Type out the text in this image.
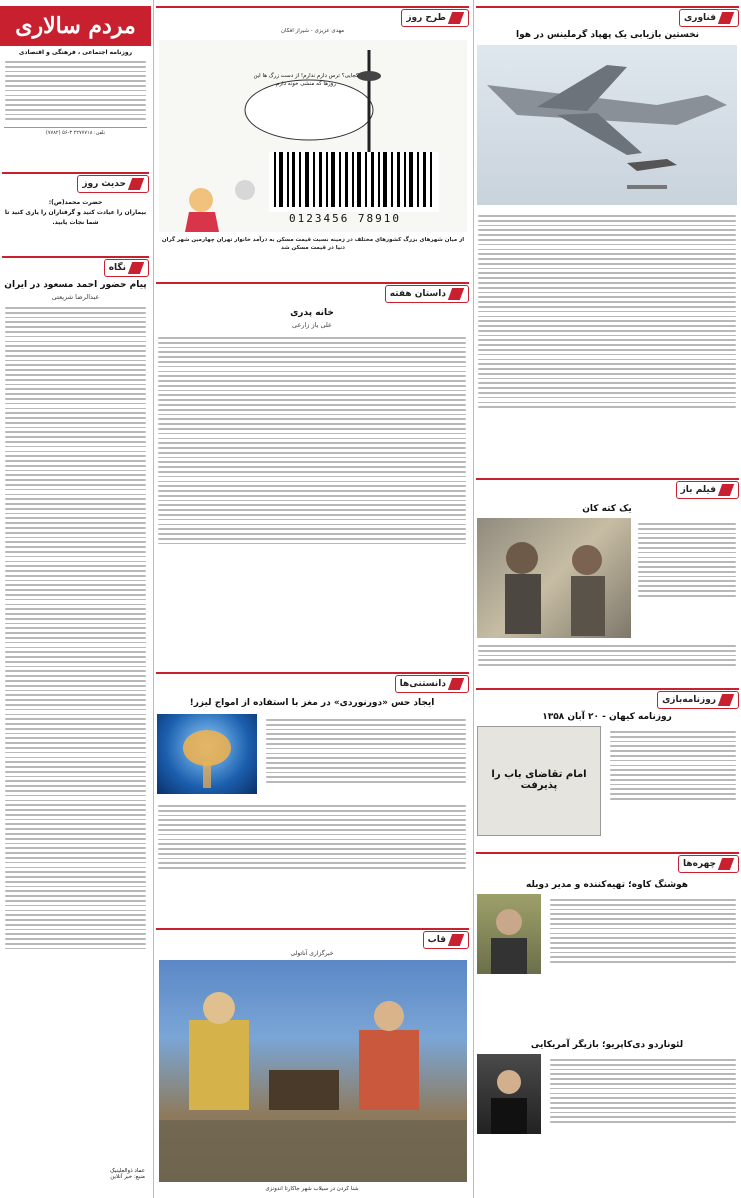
فناوری
نخستین بازیابی یک پهپاد گرملینس در هوا
فیلم باز
یک کته کان
روزنامه‌بازی
روزنامه کیهان - ۲۰ آبان ۱۳۵۸
امام تقاضای باب را پذیرفت
چهره‌ها
هوشنگ کاوه؛ تهیه‌کننده و مدیر دوبله
لئوناردو دی‌کاپریو؛ بازیگر آمریکایی
طرح روز
مهدی عزیزی - شیراز افکان
کجایی؟ ترس دارم ندارم! از دست زرگ ها این روزها که منشی خونه دارم
0123456 78910
از میان شهرهای بزرگ کشورهای مختلف در زمینه نسبت قیمت مسکن به درآمد خانوار تهران چهارمین شهر گران دنیا در قیمت مسکن شد
داستان هفته
خانه پدری
علی یاز زارعی
دانستنی‌ها
ایجاد حس «دورنوردی» در مغز با استفاده از امواج لیزر!
قاب
خبرگزاری آناتولی
شنا کردن در سیلاب شهر جاکارتا اندونزی
مردم سالاری
روزنامه اجتماعی ، فرهنگی و اقتصادی
تلفن: ۲۲۷۷۷۱۸ ۳-۵۶ (۷۷۸۲)
حدیث روز
حضرت محمد(ص):
بیماران را عیادت کنید و گرفتاران را یاری کنید تا شما نجات یابید.
نگاه
پیام حضور احمد مسعود در ایران
عبدالرضا شریعتی
عماد ذوالعلینیک
منبع: خبر آنلاین
